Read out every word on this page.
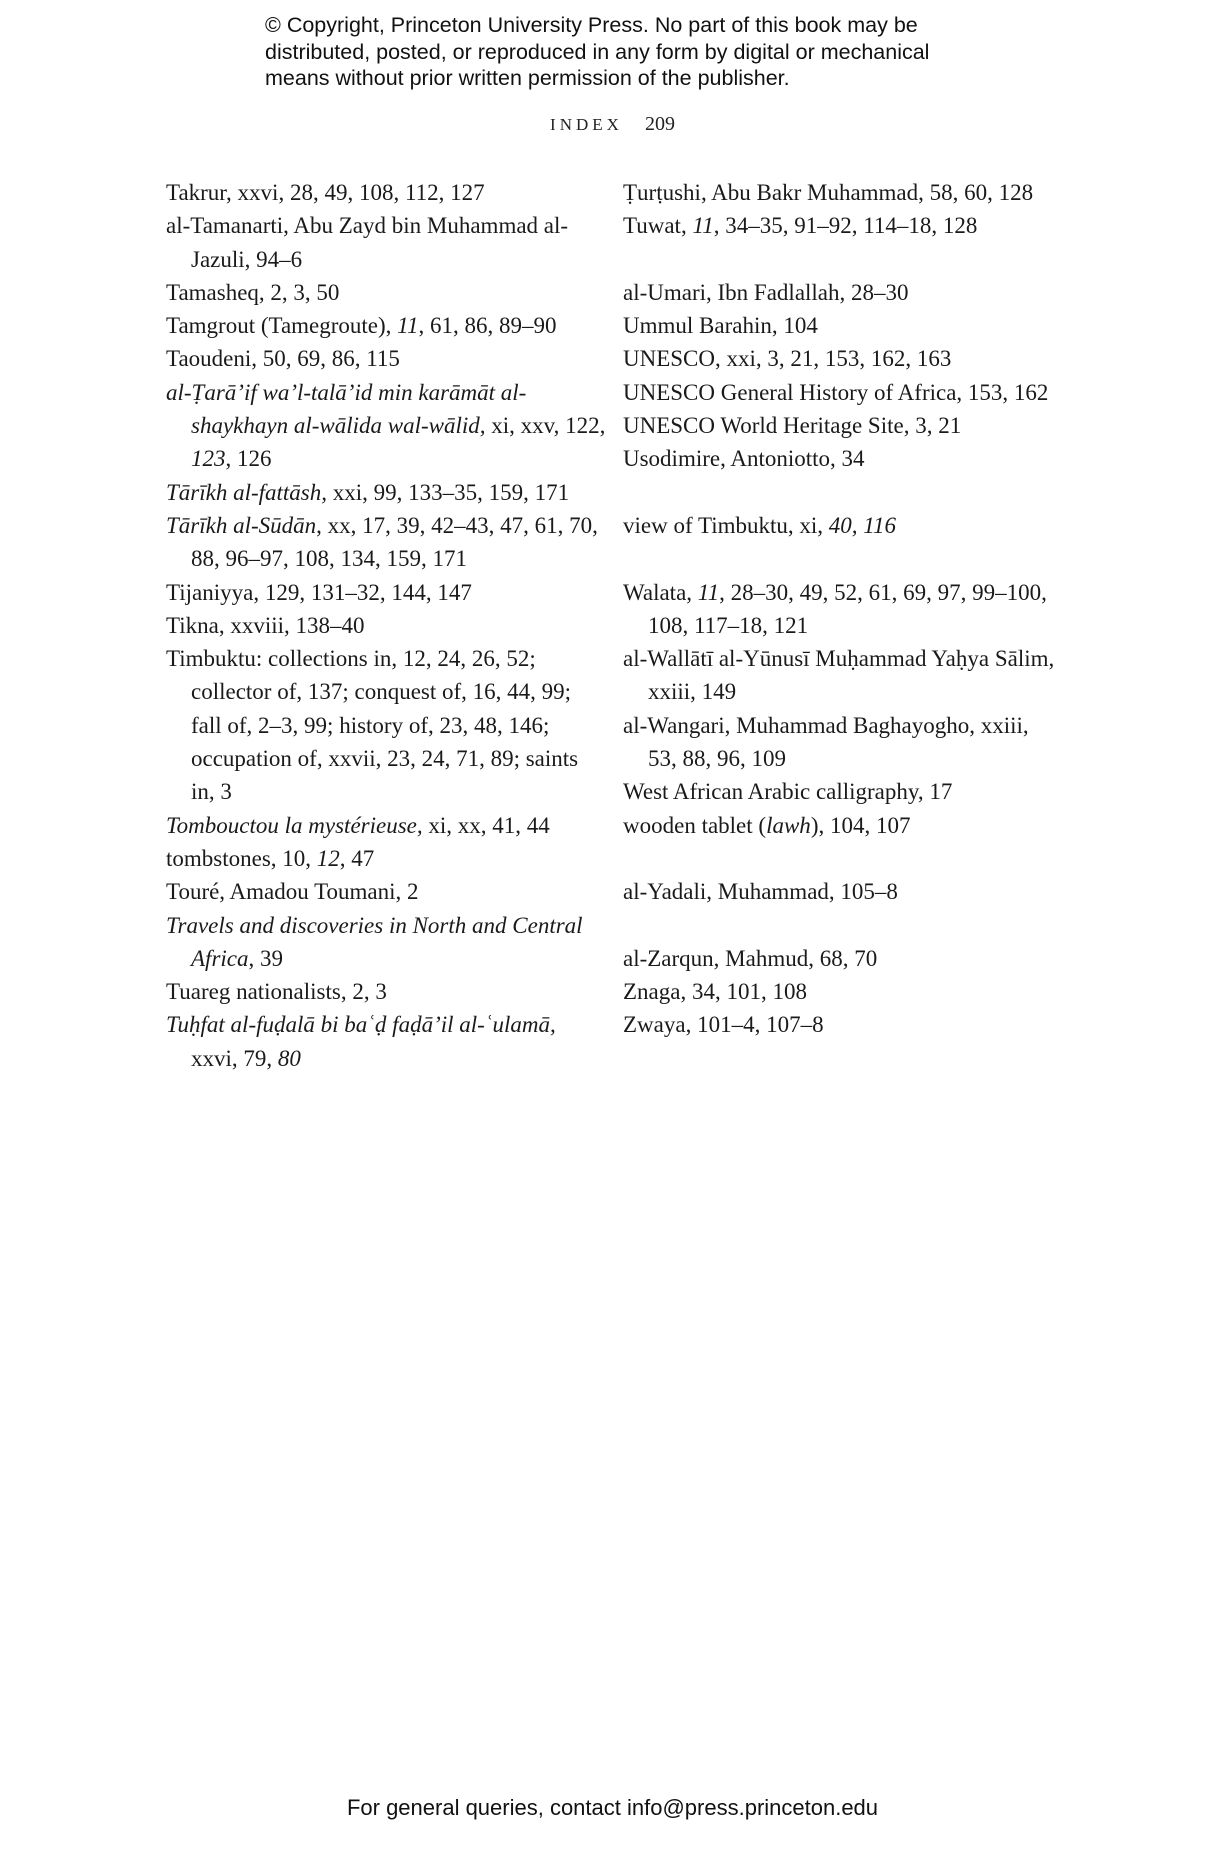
© Copyright, Princeton University Press. No part of this book may be
distributed, posted, or reproduced in any form by digital or mechanical
means without prior written permission of the publisher.
INDEX 209
Takrur, xxvi, 28, 49, 108, 112, 127
al-Tamanarti, Abu Zayd bin Muhammad al-Jazuli, 94–6
Tamasheq, 2, 3, 50
Tamgrout (Tamegroute), 11, 61, 86, 89–90
Taoudeni, 50, 69, 86, 115
al-Ṭarā’if wa’l-talā’id min karāmāt al-shaykhayn al-wālida wal-wālid, xi, xxv, 122, 123, 126
Tārīkh al-fattāsh, xxi, 99, 133–35, 159, 171
Tārīkh al-Sūdān, xx, 17, 39, 42–43, 47, 61, 70, 88, 96–97, 108, 134, 159, 171
Tijaniyya, 129, 131–32, 144, 147
Tikna, xxviii, 138–40
Timbuktu: collections in, 12, 24, 26, 52; collector of, 137; conquest of, 16, 44, 99; fall of, 2–3, 99; history of, 23, 48, 146; occupation of, xxvii, 23, 24, 71, 89; saints in, 3
Tombouctou la mystérieuse, xi, xx, 41, 44
tombstones, 10, 12, 47
Touré, Amadou Toumani, 2
Travels and discoveries in North and Central Africa, 39
Tuareg nationalists, 2, 3
Tuḥfat al-fuḍalā bi baʿḍ faḍā’il al-ʿulamā, xxvi, 79, 80
Ṭurṭushi, Abu Bakr Muhammad, 58, 60, 128
Tuwat, 11, 34–35, 91–92, 114–18, 128
al-Umari, Ibn Fadlallah, 28–30
Ummul Barahin, 104
UNESCO, xxi, 3, 21, 153, 162, 163
UNESCO General History of Africa, 153, 162
UNESCO World Heritage Site, 3, 21
Usodimire, Antoniotto, 34
view of Timbuktu, xi, 40, 116
Walata, 11, 28–30, 49, 52, 61, 69, 97, 99–100, 108, 117–18, 121
al-Wallātī al-Yūnusī Muḥammad Yaḥya Sālim, xxiii, 149
al-Wangari, Muhammad Baghayogho, xxiii, 53, 88, 96, 109
West African Arabic calligraphy, 17
wooden tablet (lawh), 104, 107
al-Yadali, Muhammad, 105–8
al-Zarqun, Mahmud, 68, 70
Znaga, 34, 101, 108
Zwaya, 101–4, 107–8
For general queries, contact info@press.princeton.edu
